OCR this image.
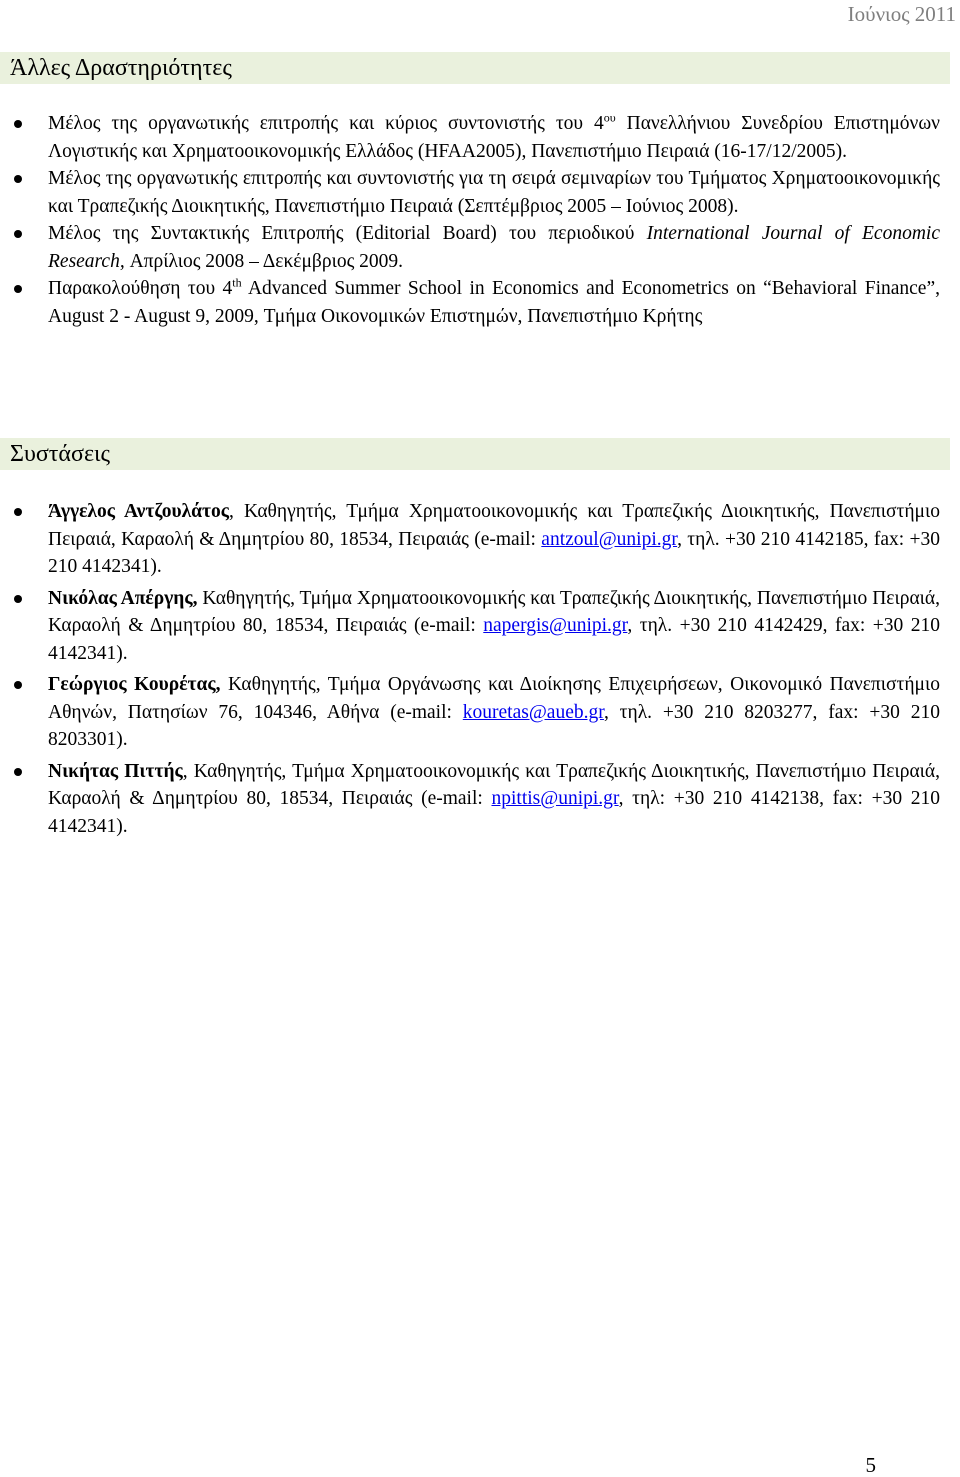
Ιούνιος 2011
Άλλες Δραστηριότητες
Μέλος της οργανωτικής επιτροπής και κύριος συντονιστής του $4^{o\upsilon}$ Πανελλήνιου Συνεδρίου Επιστημόνων Λογιστικής και Χρηματοοικονομικής Ελλάδος (HFAA2005), Πανεπιστήμιο Πειραιά (16-17/12/2005).
Μέλος της οργανωτικής επιτροπής και συντονιστής για τη σειρά σεμιναρίων του Τμήματος Χρηματοοικονομικής και Τραπεζικής Διοικητικής, Πανεπιστήμιο Πειραιά (Σεπτέμβριος 2005 – Ιούνιος 2008).
Μέλος της Συντακτικής Επιτροπής (Editorial Board) του περιοδικού International Journal of Economic Research, Απρίλιος 2008 – Δεκέμβριος 2009.
Παρακολούθηση του 4th Advanced Summer School in Economics and Econometrics on “Behavioral Finance”, August 2 - August 9, 2009, Τμήμα Οικονομικών Επιστημών, Πανεπιστήμιο Κρήτης
Συστάσεις
Άγγελος Αντζουλάτος, Καθηγητής, Τμήμα Χρηματοοικονομικής και Τραπεζικής Διοικητικής, Πανεπιστήμιο Πειραιά, Καραολή & Δημητρίου 80, 18534, Πειραιάς (e-mail: antzoul@unipi.gr, τηλ. +30 210 4142185, fax: +30 210 4142341).
Νικόλας Απέργης, Καθηγητής, Τμήμα Χρηματοοικονομικής και Τραπεζικής Διοικητικής, Πανεπιστήμιο Πειραιά, Καραολή & Δημητρίου 80, 18534, Πειραιάς (e-mail: napergis@unipi.gr, τηλ. +30 210 4142429, fax: +30 210 4142341).
Γεώργιος Κουρέτας, Καθηγητής, Τμήμα Οργάνωσης και Διοίκησης Επιχειρήσεων, Οικονομικό Πανεπιστήμιο Αθηνών, Πατησίων 76, 104346, Αθήνα (e-mail: kouretas@aueb.gr, τηλ. +30 210 8203277, fax: +30 210 8203301).
Νικήτας Πιττής, Καθηγητής, Τμήμα Χρηματοοικονομικής και Τραπεζικής Διοικητικής, Πανεπιστήμιο Πειραιά, Καραολή & Δημητρίου 80, 18534, Πειραιάς (e-mail: npittis@unipi.gr, τηλ: +30 210 4142138, fax: +30 210 4142341).
5
